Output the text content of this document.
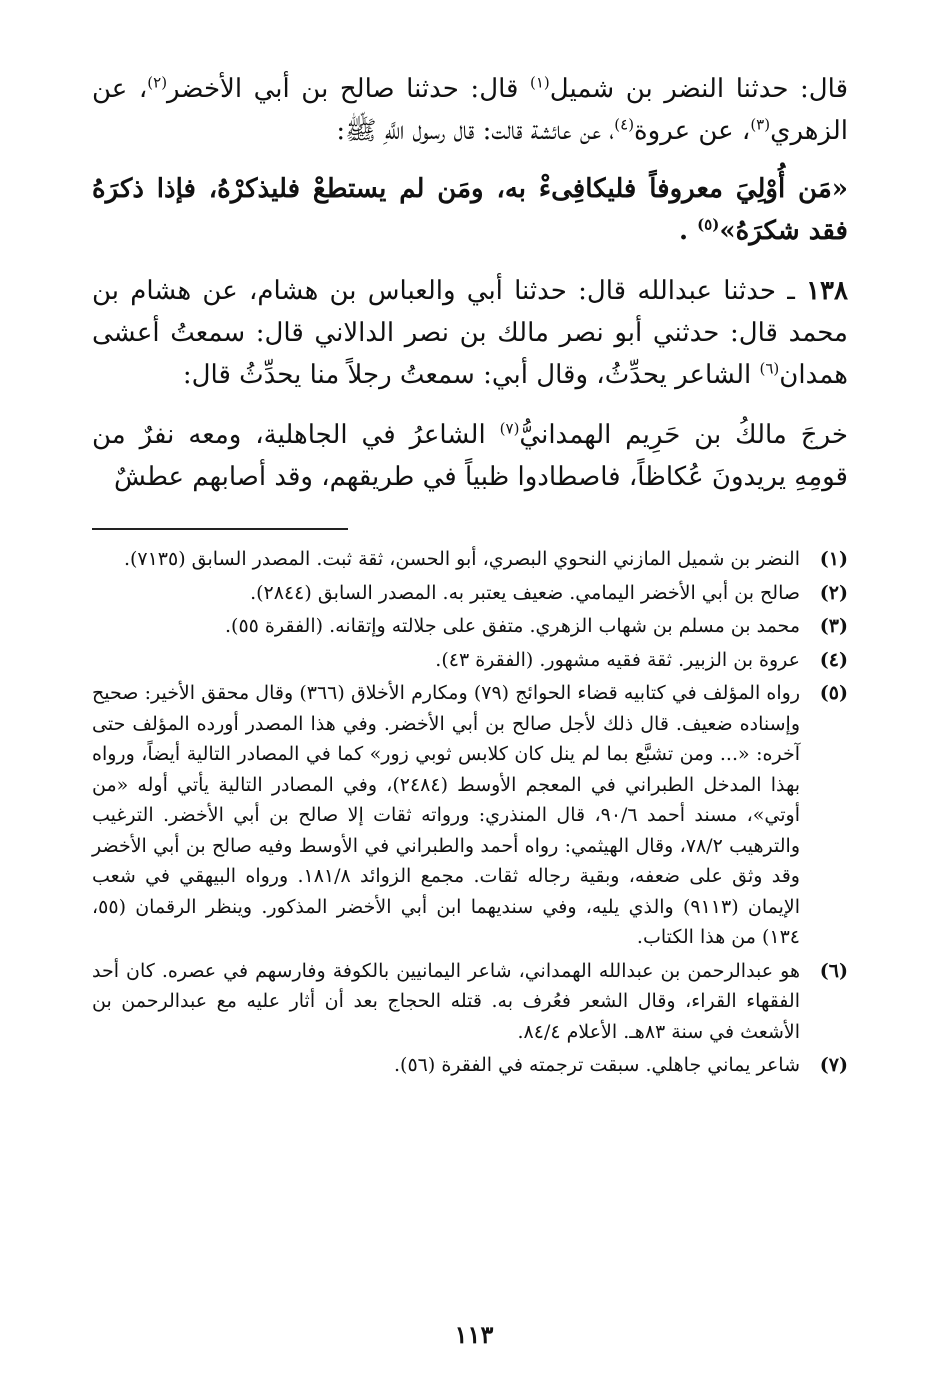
قال: حدثنا النضر بن شميل$^{(١)}$ قال: حدثنا صالح بن أبي الأخضر$^{(٢)}$، عن الزهري$^{(٣)}$، عن عروة$^{(٤)}$، عن عائشة قالت: قال رسول اللَّهِ ﷺ:

«مَن أُوْلِيَ معروفاً فليكافِىءْ به، ومَن لم يستطعْ فليذكرْهُ، فإذا ذكرَهُ فقد شكرَهُ»$^{(٥)}$ .

١٣٨ ـ حدثنا عبدالله قال: حدثنا أبي والعباس بن هشام، عن هشام بن محمد قال: حدثني أبو نصر مالك بن نصر الدالاني قال: سمعتُ أعشى همدان$^{(٦)}$ الشاعر يحدِّثُ، وقال أبي: سمعتُ رجلاً منا يحدِّثُ قال:

خرجَ مالكُ بن حَرِيم الهمدانيُّ$^{(٧)}$ الشاعرُ في الجاهلية، ومعه نفرٌ من قومِهِ يريدونَ عُكاظاً، فاصطادوا ظبياً في طريقهم، وقد أصابهم عطشٌ

(١)
النضر بن شميل المازني النحوي البصري، أبو الحسن، ثقة ثبت. المصدر السابق (٧١٣٥).
(٢)
صالح بن أبي الأخضر اليمامي. ضعيف يعتبر به. المصدر السابق (٢٨٤٤).
(٣)
محمد بن مسلم بن شهاب الزهري. متفق على جلالته وإتقانه. (الفقرة ٥٥).
(٤)
عروة بن الزبير. ثقة فقيه مشهور. (الفقرة ٤٣).
(٥)
رواه المؤلف في كتابيه قضاء الحوائج (٧٩) ومكارم الأخلاق (٣٦٦) وقال محقق الأخير: صحيح وإسناده ضعيف. قال ذلك لأجل صالح بن أبي الأخضر. وفي هذا المصدر أورده المؤلف حتى آخره: «... ومن تشبَّع بما لم ينل كان كلابس ثوبي زور» كما في المصادر التالية أيضاً، ورواه بهذا المدخل الطبراني في المعجم الأوسط (٢٤٨٤)، وفي المصادر التالية يأتي أوله «من أوتي»، مسند أحمد ٩٠/٦، قال المنذري: ورواته ثقات إلا صالح بن أبي الأخضر. الترغيب والترهيب ٧٨/٢، وقال الهيثمي: رواه أحمد والطبراني في الأوسط وفيه صالح بن أبي الأخضر وقد وثق على ضعفه، وبقية رجاله ثقات. مجمع الزوائد ١٨١/٨. ورواه البيهقي في شعب الإيمان (٩١١٣) والذي يليه، وفي سنديهما ابن أبي الأخضر المذكور. وينظر الرقمان (٥٥، ١٣٤) من هذا الكتاب.
(٦)
هو عبدالرحمن بن عبدالله الهمداني، شاعر اليمانيين بالكوفة وفارسهم في عصره. كان أحد الفقهاء القراء، وقال الشعر فعُرف به. قتله الحجاج بعد أن أثار عليه مع عبدالرحمن بن الأشعث في سنة ٨٣هـ. الأعلام ٨٤/٤.
(٧)
شاعر يماني جاهلي. سبقت ترجمته في الفقرة (٥٦).
١١٣
